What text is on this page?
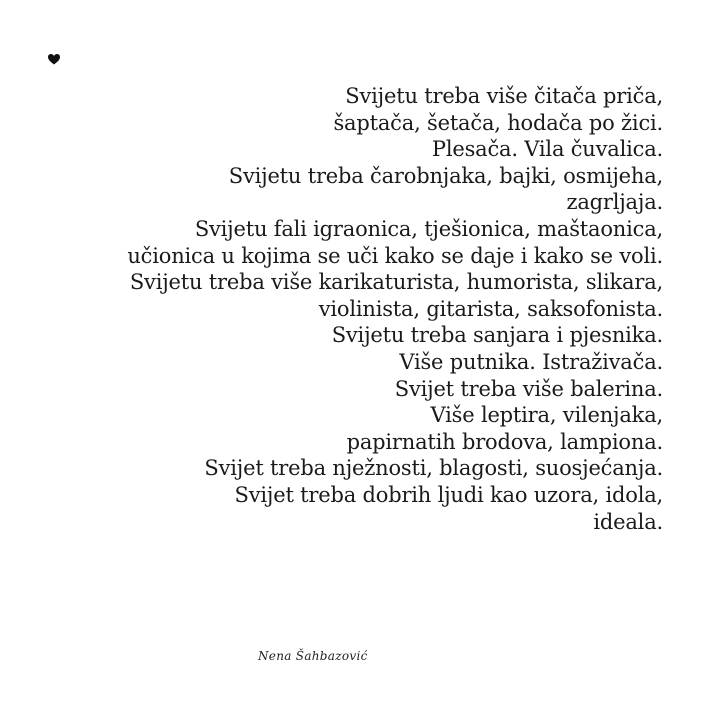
Svijetu treba više čitača priča,
šaptača, šetača, hodača po žici.
Plesača. Vila čuvalica.
Svijetu treba čarobnjaka, bajki, osmijeha,
zagrljaja.
Svijetu fali igraonica, tješionica, maštaonica,
učionica u kojima se uči kako se daje i kako se voli.
Svijetu treba više karikaturista, humorista, slikara,
violinista, gitarista, saksofonista.
Svijetu treba sanjara i pjesnika.
Više putnika. Istraživača.
Svijet treba više balerina.
Više leptira, vilenjaka,
papirnatih brodova, lampiona.
Svijet treba nježnosti, blagosti, suosjećanja.
Svijet treba dobrih ljudi kao uzora, idola,
ideala.
Nena Šahbazović
